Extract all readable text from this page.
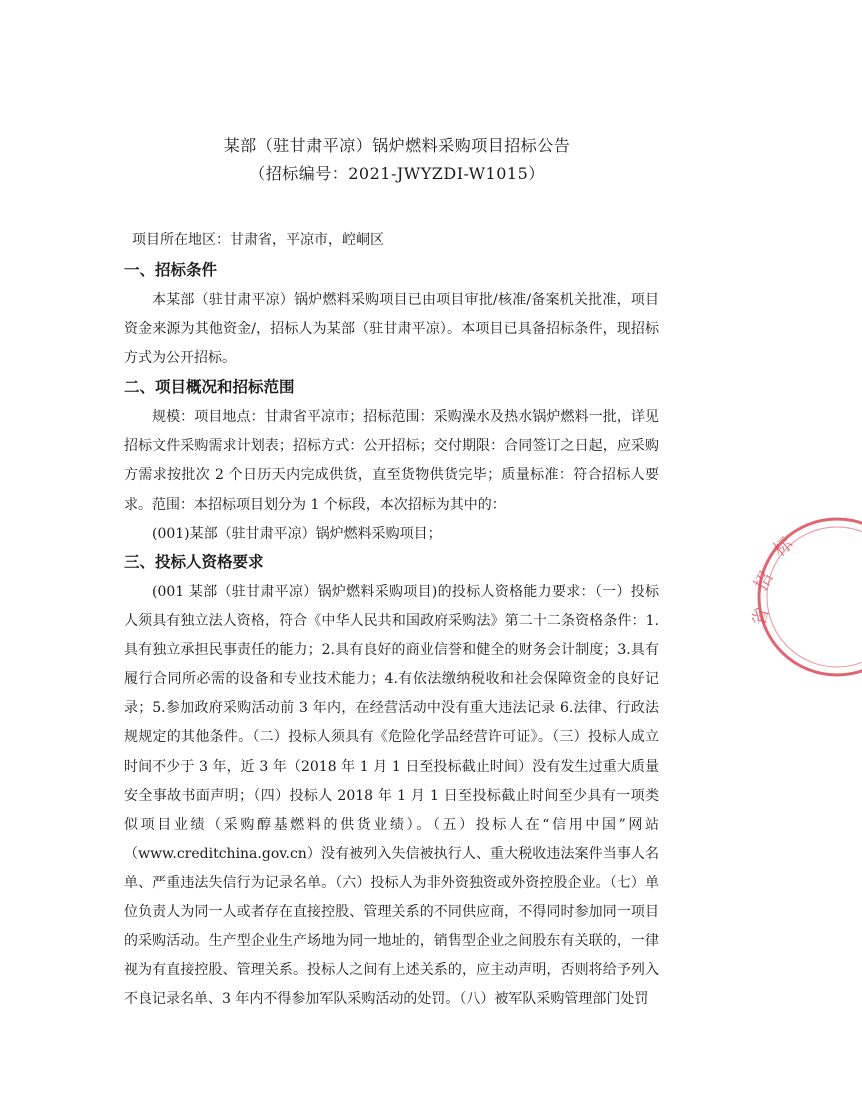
某部（驻甘肃平凉）锅炉燃料采购项目招标公告
（招标编号：2021-JWYZDI-W1015）
项目所在地区：甘肃省，平凉市，崆峒区
一、招标条件

本某部（驻甘肃平凉）锅炉燃料采购项目已由项目审批/核准/备案机关批准，项目资金来源为其他资金/，招标人为某部（驻甘肃平凉）。本项目已具备招标条件，现招标方式为公开招标。

二、项目概况和招标范围

规模：项目地点：甘肃省平凉市；招标范围：采购澡水及热水锅炉燃料一批，详见招标文件采购需求计划表；招标方式：公开招标；交付期限：合同签订之日起，应采购方需求按批次 2 个日历天内完成供货，直至货物供货完毕；质量标准：符合招标人要求。 范围：本招标项目划分为 1 个标段，本次招标为其中的：

(001)某部（驻甘肃平凉）锅炉燃料采购项目；

三、投标人资格要求

(001 某部（驻甘肃平凉）锅炉燃料采购项目)的投标人资格能力要求：（一）投标人须具有独立法人资格，符合《中华人民共和国政府采购法》第二十二条资格条件：1.具有独立承担民事责任的能力；2.具有良好的商业信誉和健全的财务会计制度；3.具有履行合同所必需的设备和专业技术能力；4.有依法缴纳税收和社会保障资金的良好记录；5.参加政府采购活动前 3 年内，在经营活动中没有重大违法记录 6.法律、行政法规规定的其他条件。（二）投标人须具有《危险化学品经营许可证》。（三）投标人成立时间不少于 3 年，近 3 年（2018 年 1 月 1 日至投标截止时间）没有发生过重大质量安全事故书面声明；（四）投标人 2018 年 1 月 1 日至投标截止时间至少具有一项类似项目业绩（采购醇基燃料的供货业绩）。（五）投标人在“信用中国”网站（www.creditchina.gov.cn）没有被列入失信被执行人、重大税收违法案件当事人名单、严重违法失信行为记录名单。（六）投标人为非外资独资或外资控股企业。（七）单位负责人为同一人或者存在直接控股、管理关系的不同供应商，不得同时参加同一项目的采购活动。生产型企业生产场地为同一地址的，销售型企业之间股东有关联的，一律视为有直接控股、管理关系。投标人之间有上述关系的，应主动声明，否则将给予列入不良记录名单、3 年内不得参加军队采购活动的处罚。（八）被军队采购管理部门处罚

省
招
标
